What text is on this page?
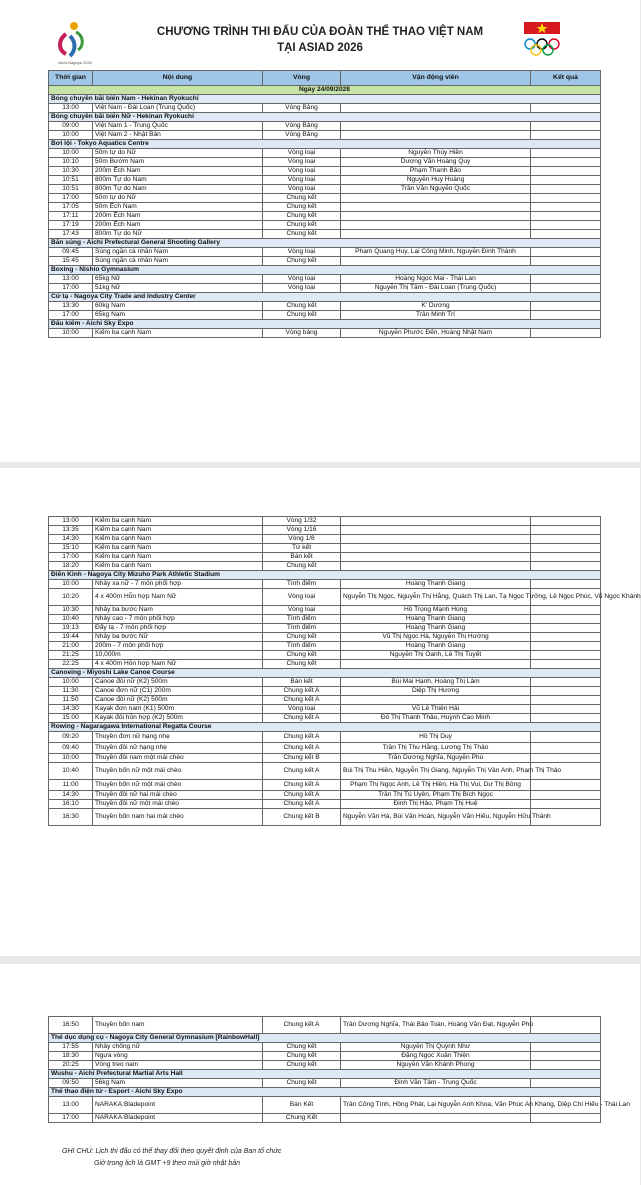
Aichi-Nagoya 2026
CHƯƠNG TRÌNH THI ĐẤU CỦA ĐOÀN THỂ THAO VIỆT NAM
TẠI ASIAD 2026
Thời gian	Nội dung	Vòng	Vận động viên	Kết quả
Ngày 24/09/2028				
Bóng chuyền bãi biển Nam - Hekinan Ryokuchi				
13:00	Việt Nam - Đài Loan (Trung Quốc)	Vòng Bảng		
Bóng chuyền bãi biển Nữ - Hekinan Ryokuchi				
09:00	Việt Nam 1 - Trung Quốc	Vòng Bảng		
10:00	Việt Nam 2 - Nhật Bản	Vòng Bảng		
Bơi lội - Tokyo Aquatics Centre				
10:00	50m tự do Nữ	Vòng loại	Nguyễn Thúy Hiền	
10:10	50m Bướm Nam	Vòng loại	Dương Văn Hoàng Quy	
10:30	200m Ếch Nam	Vòng loại	Phạm Thanh Bảo	
10:51	800m Tự do Nam	Vòng loại	Nguyễn Huy Hoàng	
10:51	800m Tự do Nam	Vòng loại	Trần Văn Nguyễn Quốc	
17:00	50m tự do Nữ	Chung kết		
17:05	50m Ếch Nam	Chung kết		
17:11	200m Ếch Nam	Chung kết		
17:19	200m Ếch Nam	Chung kết		
17:43	800m Tự do Nữ	Chung kết		
Bắn súng - Aichi Prefectural General Shooting Gallery				
09:45	Súng ngắn cá nhân Nam	Vòng loại	Phạm Quang Huy, Lại Công Minh, Nguyễn Đình Thành	
15:45	Súng ngắn cá nhân Nam	Chung kết		
Boxing - Nishio Gymnasium				
13:00	65kg Nữ	Vòng loại	Hoàng Ngọc Mai - Thái Lan	
17:00	51kg Nữ	Vòng loại	Nguyễn Thị Tâm - Đài Loan (Trung Quốc)	
Cử tạ - Nagoya City Trade and Industry Center				
13:30	60kg Nam	Chung kết	K' Dương	
17:00	65kg Nam	Chung kết	Trần Minh Trí	
Đấu kiếm - Aichi Sky Expo				
10:00	Kiếm ba cạnh Nam	Vòng bảng	Nguyễn Phước Đến, Hoàng Nhật Nam	
13:00	Kiếm ba cạnh Nam	Vòng 1/32		
13:35	Kiếm ba cạnh Nam	Vòng 1/16		
14:30	Kiếm ba cạnh Nam	Vòng 1/8		
15:10	Kiếm ba cạnh Nam	Tứ kết		
17:00	Kiếm ba cạnh Nam	Bán kết		
18:20	Kiếm ba cạnh Nam	Chung kết		
Điền Kinh - Nagoya City Mizuho Park Athletic Stadium				
10:00	Nhảy xa nữ - 7 môn phối hợp	Tính điểm	Hoàng Thanh Giang	
10:20	4 x 400m Hỗn hợp Nam Nữ	Vòng loại	Nguyễn Thị Ngọc, Nguyễn Thị Hằng, Quách Thị Lan, Tạ Ngọc Tưởng, Lê Ngọc Phúc, Vũ Ngọc Khánh	
10:30	Nhảy ba bước Nam	Vòng loại	Hồ Trọng Mạnh Hùng	
10:40	Nhảy cao - 7 môn phối hợp	Tính điểm	Hoàng Thanh Giang	
19:13	Đẩy tạ - 7 môn phối hợp	Tính điểm	Hoàng Thanh Giang	
19:44	Nhảy ba bước Nữ	Chung kết	Vũ Thị Ngọc Hà, Nguyễn Thị Hường	
21:00	200m - 7 môn phối hợp	Tính điểm	Hoàng Thanh Giang	
21:25	10,000m	Chung kết	Nguyễn Thị Oanh, Lê Thị Tuyết	
22:25	4 x 400m Hỗn hợp Nam Nữ	Chung kết		
Canoeing - Miyoshi Lake Canoe Course				
10:00	Canoe đôi nữ (K2) 500m	Bán kết	Bùi Mai Hạnh, Hoàng Thị Lâm	
11:30	Canoe đơn nữ (C1) 200m	Chung kết A	Diệp Thị Hương	
11:50	Canoe đôi nữ (K2) 500m	Chung kết A		
14:30	Kayak đơn nam (K1) 500m	Vòng loại	Vũ Lê Thiên Hải	
15:00	Kayak đôi hỗn hợp (K2) 500m	Chung kết A	Đỗ Thị Thanh Thảo, Huỳnh Cao Minh	
Rowing - Nagaragawa International Regatta Course				
09:20	Thuyền đơn nữ hạng nhẹ	Chung kết A	Hồ Thị Duy	
09:40	Thuyền đôi nữ hạng nhẹ	Chung kết A	Trần Thị Thu Hằng, Lương Thị Thảo	
10:00	Thuyền đôi nam một mái chèo	Chung kết B	Trần Dương Nghĩa, Nguyễn Phú	
10:40	Thuyền bốn nữ một mái chèo	Chung kết A	Bùi Thị Thu Hiền, Nguyễn Thị Giang, Nguyễn Thị Vân Anh, Phạm Thị Thảo	
11:00	Thuyền bốn nữ một mái chèo	Chung kết A	Phạm Thị Ngọc Anh, Lê Thị Hiền, Hà Thị Vui, Dư Thị Bông	
14:30	Thuyền đôi nữ hai mái chèo	Chung kết A	Trần Thị Tú Uyên, Phạm Thị Bích Ngọc	
16:10	Thuyền đôi nữ một mái chèo	Chung kết A	Đinh Thị Hảo, Phạm Thị Huệ	
16:30	Thuyền bốn nam hai mái chèo	Chung kết B	Nguyễn Văn Hà, Bùi Văn Hoàn, Nguyễn Văn Hiếu, Nguyễn Hữu Thành	
16:50	Thuyền bốn nam	Chung kết A	Trần Dương Nghĩa, Thái Bảo Toàn, Hoàng Văn Đạt, Nguyễn Phú	
Thể dục dụng cụ - Nagoya City General Gymnasium [RainbowHall]				
17:55	Nhảy chống nữ	Chung kết	Nguyễn Thị Quỳnh Như	
18:30	Ngựa vòng	Chung kết	Đặng Ngọc Xuân Thiện	
20:25	Vòng treo nam	Chung kết	Nguyễn Văn Khánh Phong	
Wushu - Aichi Prefectural Martial Arts Hall				
09:50	56kg Nam	Chung kết	Đinh Văn Tâm - Trung Quốc	
Thể thao điện tử - Esport - Aichi Sky Expo				
13:00	NARAKA:Bladepoint	Bán Kết	Trần Công Tình, Hồng Phát, Lại Nguyễn Anh Khoa, Văn Phúc An Khang, Diệp Chí Hiếu - Thái Lan	
17:00	NARAKA:Bladepoint	Chung Kết		
GHI CHÚ: Lịch thi đấu có thể thay đổi theo quyết định của Ban tổ chức
Giờ trong lịch là GMT +9 theo múi giờ nhật bản
